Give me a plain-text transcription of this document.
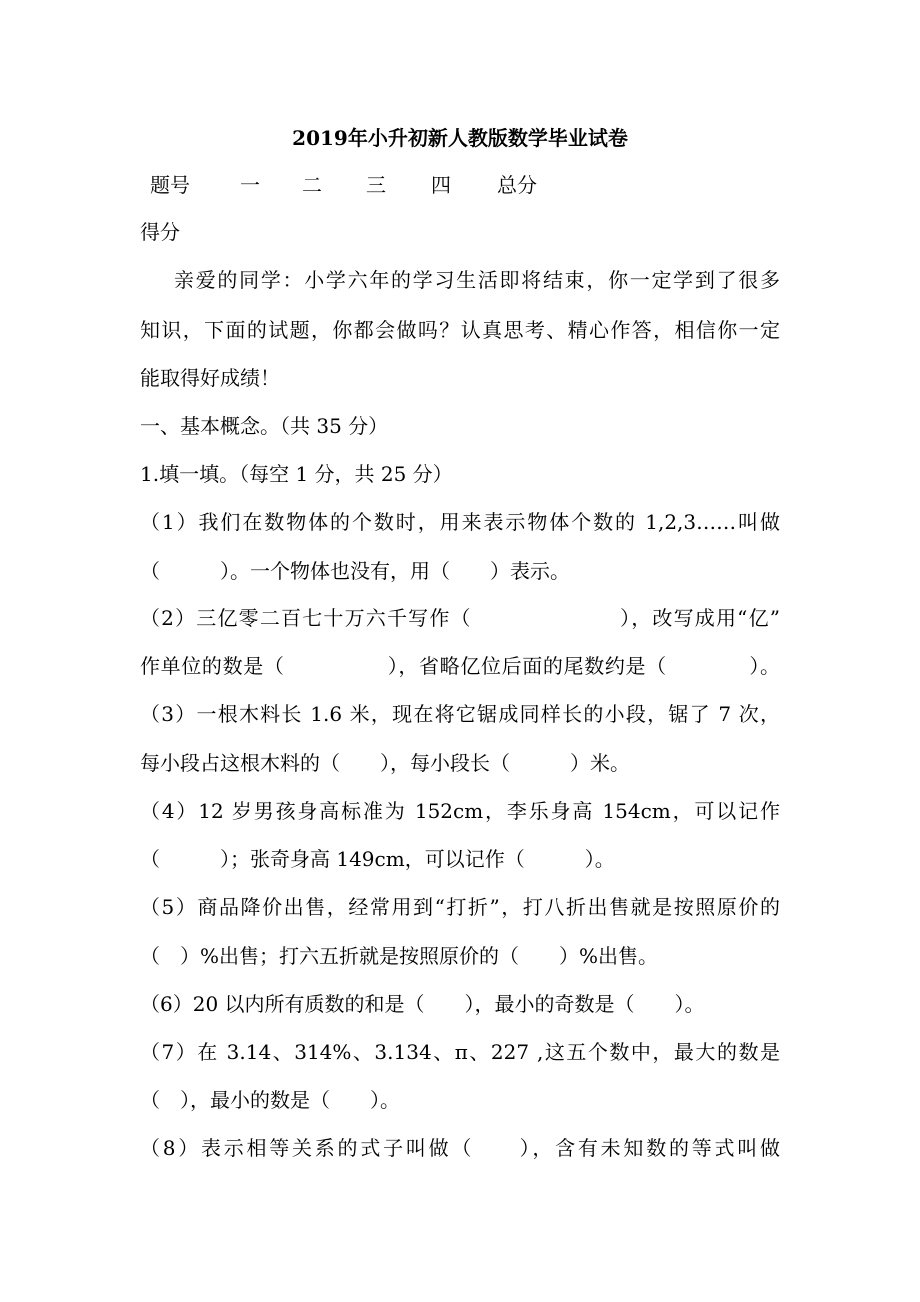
2019年小升初新人教版数学毕业试卷
题号	一 二 三 四 总分
得分
亲爱的同学：小学六年的学习生活即将结束，你一定学到了很多
知识，下面的试题，你都会做吗？认真思考、精心作答，相信你一定
能取得好成绩！
一、基本概念。（共 35 分）
1.填一填。（每空 1 分，共 25 分）
（1）我们在数物体的个数时，用来表示物体个数的 1,2,3……叫做
（　　　）。一个物体也没有，用（　　）表示。
（2）三亿零二百七十万六千写作（　　　　　　　），改写成用“亿”
作单位的数是（　　　　　），省略亿位后面的尾数约是（　　　　）。
（3）一根木料长 1.6 米，现在将它锯成同样长的小段，锯了 7 次，
每小段占这根木料的（　　），每小段长（　　　）米。
（4）12 岁男孩身高标准为 152cm，李乐身高 154cm，可以记作
（　　　）；张奇身高 149cm，可以记作（　　　）。
（5）商品降价出售，经常用到“打折”，打八折出售就是按照原价的
（　）%出售；打六五折就是按照原价的（　　）%出售。
（6）20 以内所有质数的和是（　　），最小的奇数是（　　）。
（7）在 3.14、314%、3.134、π、227 ,这五个数中，最大的数是
（　），最小的数是（　　）。
（8）表示相等关系的式子叫做（　　），含有未知数的等式叫做
